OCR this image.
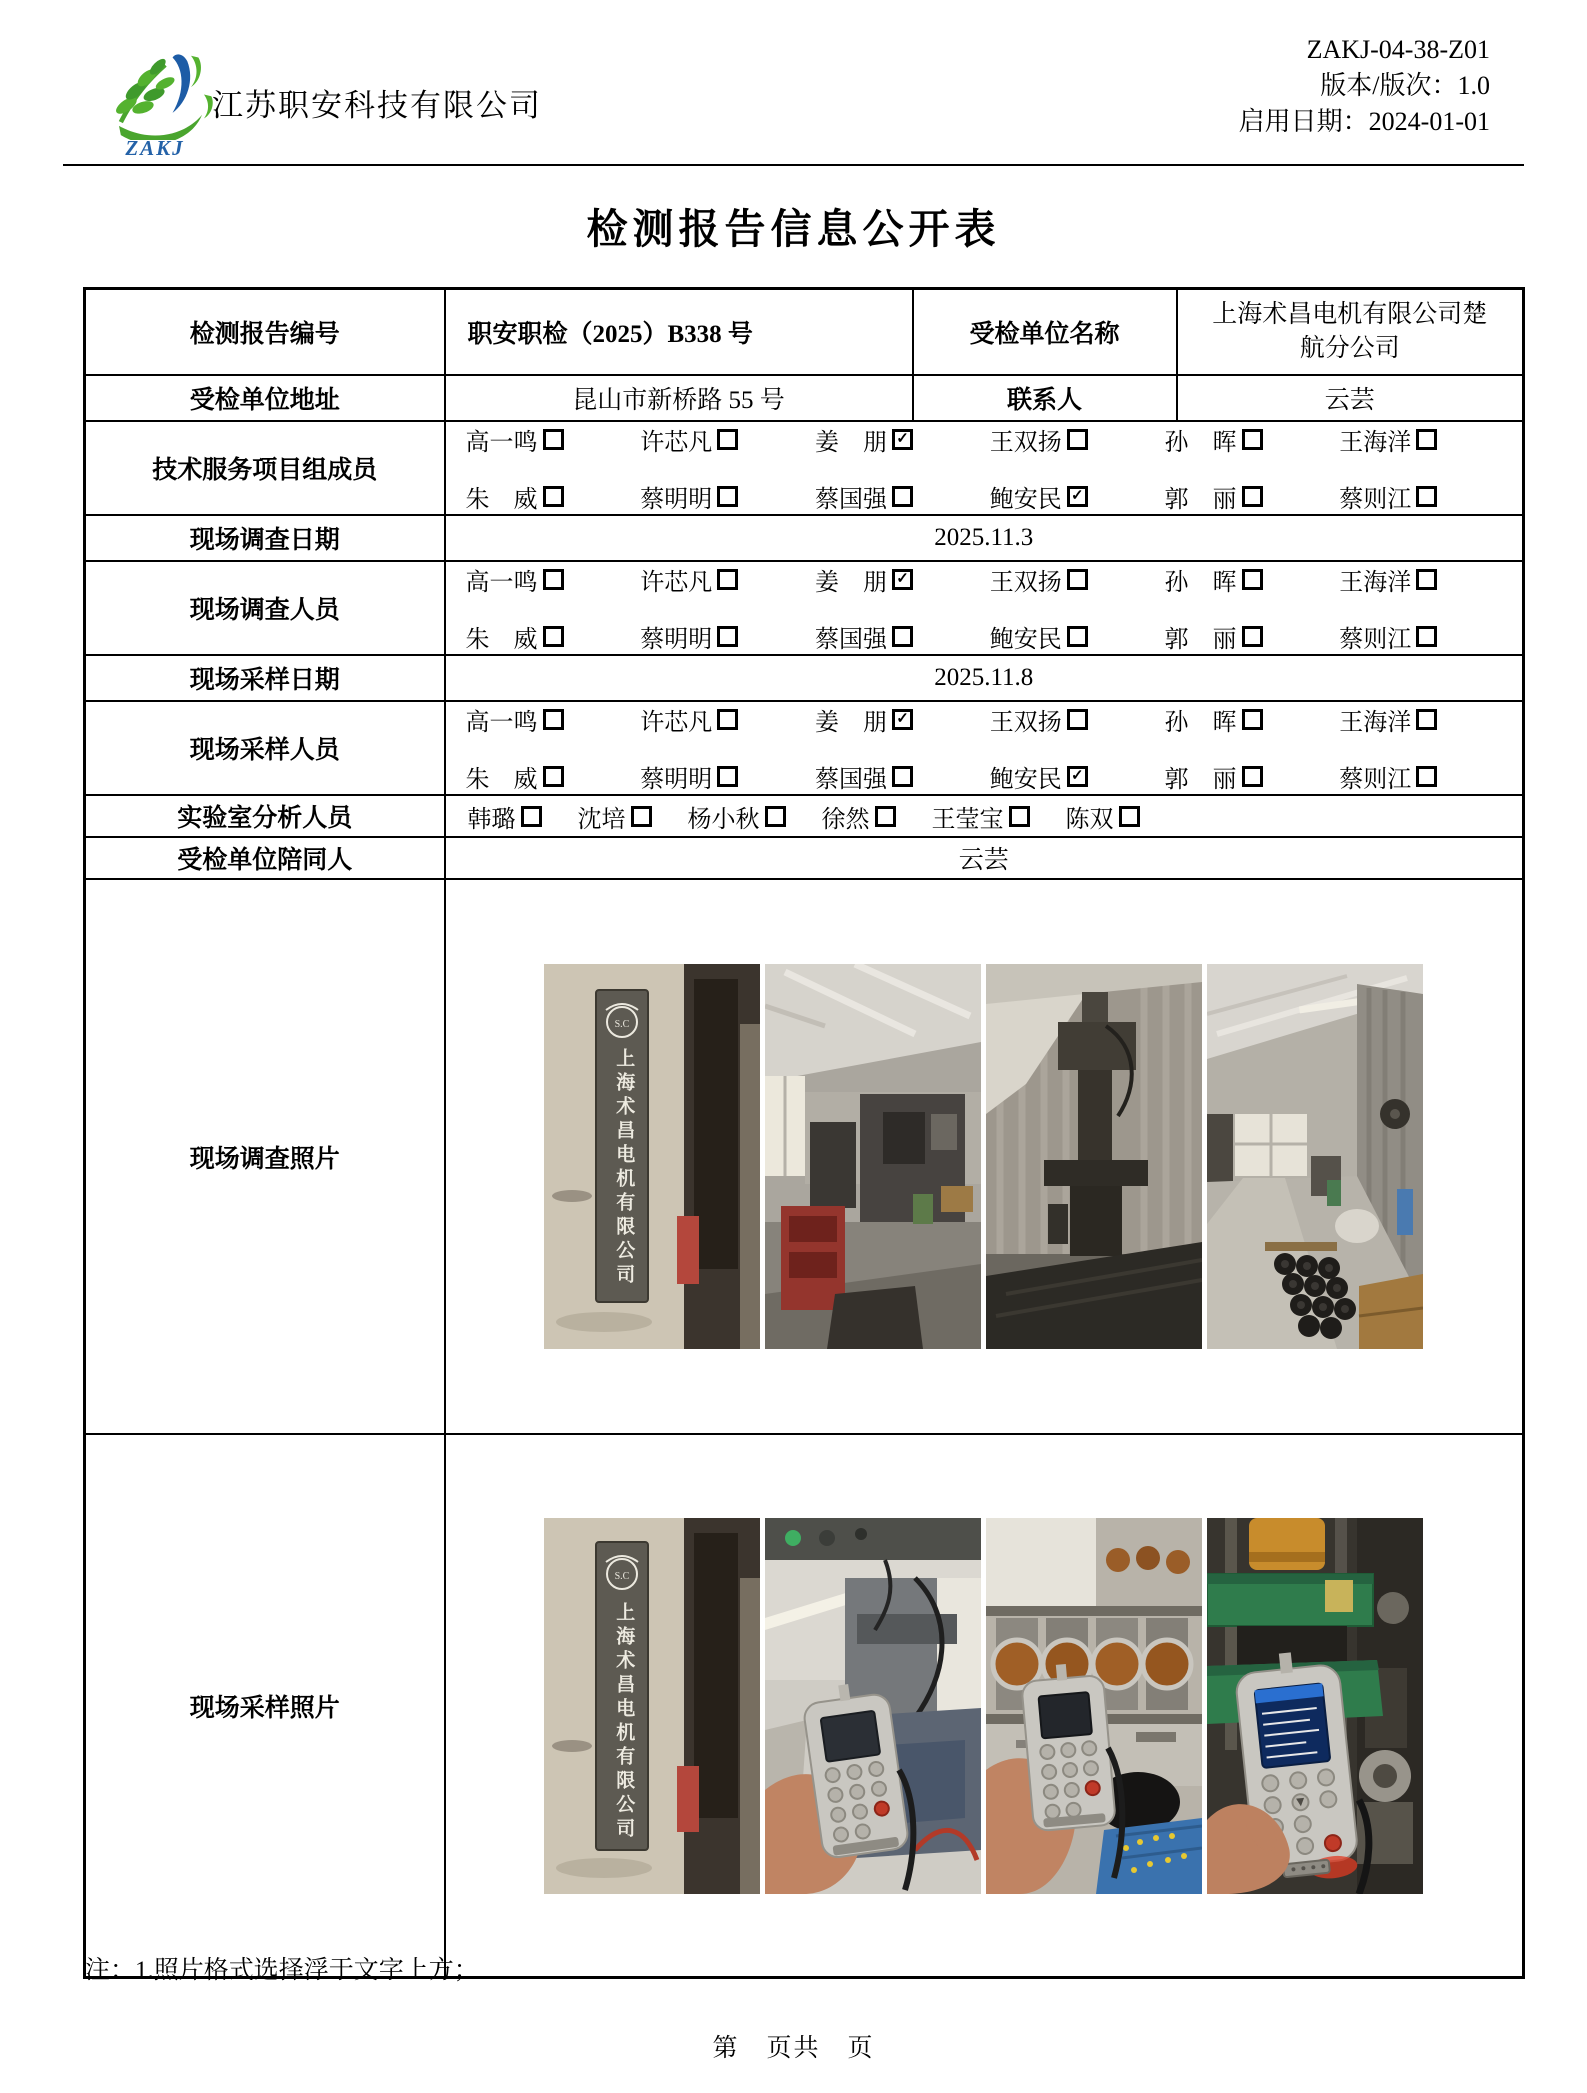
ZAKJ
江苏职安科技有限公司
ZAKJ-04-38-Z01
版本/版次：1.0
启用日期：2024-01-01
检测报告信息公开表
检测报告编号	职安职检（2025）B338 号	受检单位名称	上海术昌电机有限公司楚航分公司
受检单位地址	昆山市新桥路 55 号	联系人	云芸
技术服务项目组成员	
高一鸣	许芯凡	姜　朋 ✓	王双扬	孙　晖	王海洋
朱　威	蔡明明	蔡国强	鲍安民 ✓	郭　丽	蔡则江

现场调查日期	2025.11.3		
现场调查人员	
高一鸣	许芯凡	姜　朋 ✓	王双扬	孙　晖	王海洋
朱　威	蔡明明	蔡国强	鲍安民	郭　丽	蔡则江

现场采样日期	2025.11.8		
现场采样人员	
高一鸣	许芯凡	姜　朋 ✓	王双扬	孙　晖	王海洋
朱　威	蔡明明	蔡国强	鲍安民 ✓	郭　丽	蔡则江

实验室分析人员	韩璐	沈培	杨小秋	徐然	王莹宝	陈双

受检单位陪同人	云芸		
现场调查照片	S.C
上海术昌电机有限公司		

现场采样照片	S.C
上海术昌电机有限公司		
注：1.照片格式选择浮于文字上方；
第　页共　页
